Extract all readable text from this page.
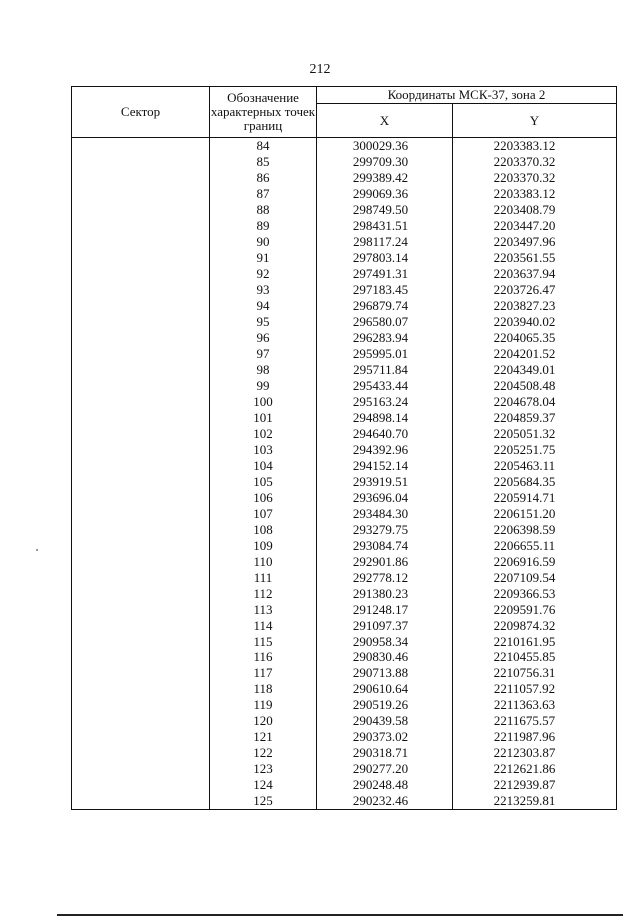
212
Сектор	Обозначение характерных точек границ	Координаты МСК-37, зона 2	
		X	Y
	84	300029.36	2203383.12
	85	299709.30	2203370.32
	86	299389.42	2203370.32
	87	299069.36	2203383.12
	88	298749.50	2203408.79
	89	298431.51	2203447.20
	90	298117.24	2203497.96
	91	297803.14	2203561.55
	92	297491.31	2203637.94
	93	297183.45	2203726.47
	94	296879.74	2203827.23
	95	296580.07	2203940.02
	96	296283.94	2204065.35
	97	295995.01	2204201.52
	98	295711.84	2204349.01
	99	295433.44	2204508.48
	100	295163.24	2204678.04
	101	294898.14	2204859.37
	102	294640.70	2205051.32
	103	294392.96	2205251.75
	104	294152.14	2205463.11
	105	293919.51	2205684.35
	106	293696.04	2205914.71
	107	293484.30	2206151.20
	108	293279.75	2206398.59
	109	293084.74	2206655.11
	110	292901.86	2206916.59
	111	292778.12	2207109.54
	112	291380.23	2209366.53
	113	291248.17	2209591.76
	114	291097.37	2209874.32
	115	290958.34	2210161.95
	116	290830.46	2210455.85
	117	290713.88	2210756.31
	118	290610.64	2211057.92
	119	290519.26	2211363.63
	120	290439.58	2211675.57
	121	290373.02	2211987.96
	122	290318.71	2212303.87
	123	290277.20	2212621.86
	124	290248.48	2212939.87
	125	290232.46	2213259.81
